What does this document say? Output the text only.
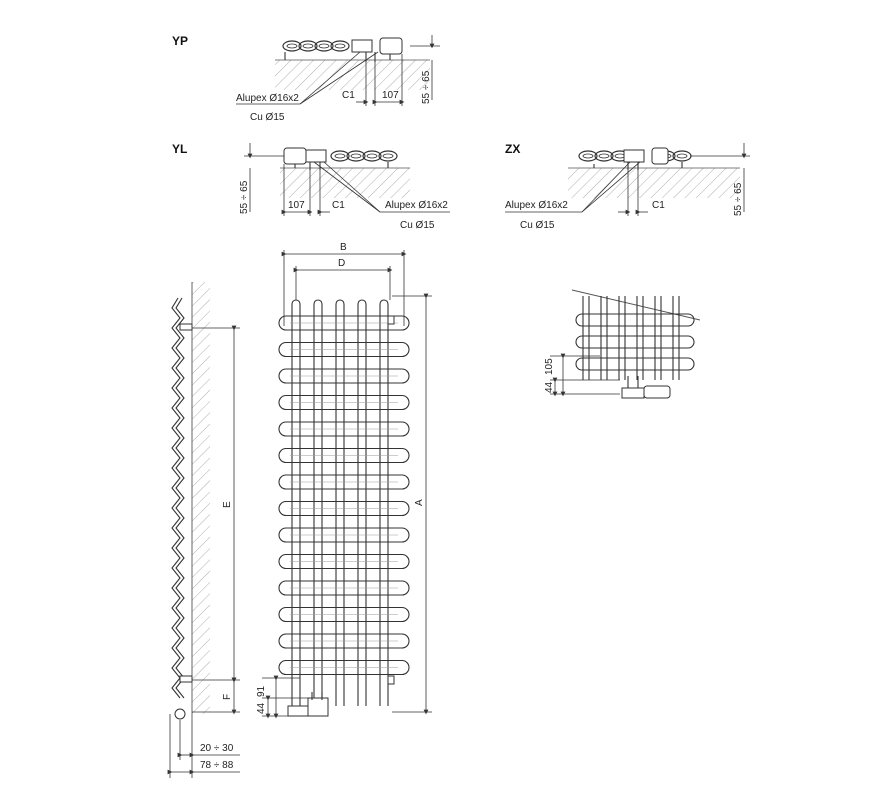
YP
C1	107 55 ÷ 65
Alupex Ø16x2
Cu Ø15
YL
107	C1
55 ÷ 65	Alupex Ø16x2
Cu Ø15
ZX
C1	55 ÷ 65
Alupex Ø16x2
Cu Ø15
E
F
20 ÷ 30
78 ÷ 88
B
D
A
44
91
44
105
